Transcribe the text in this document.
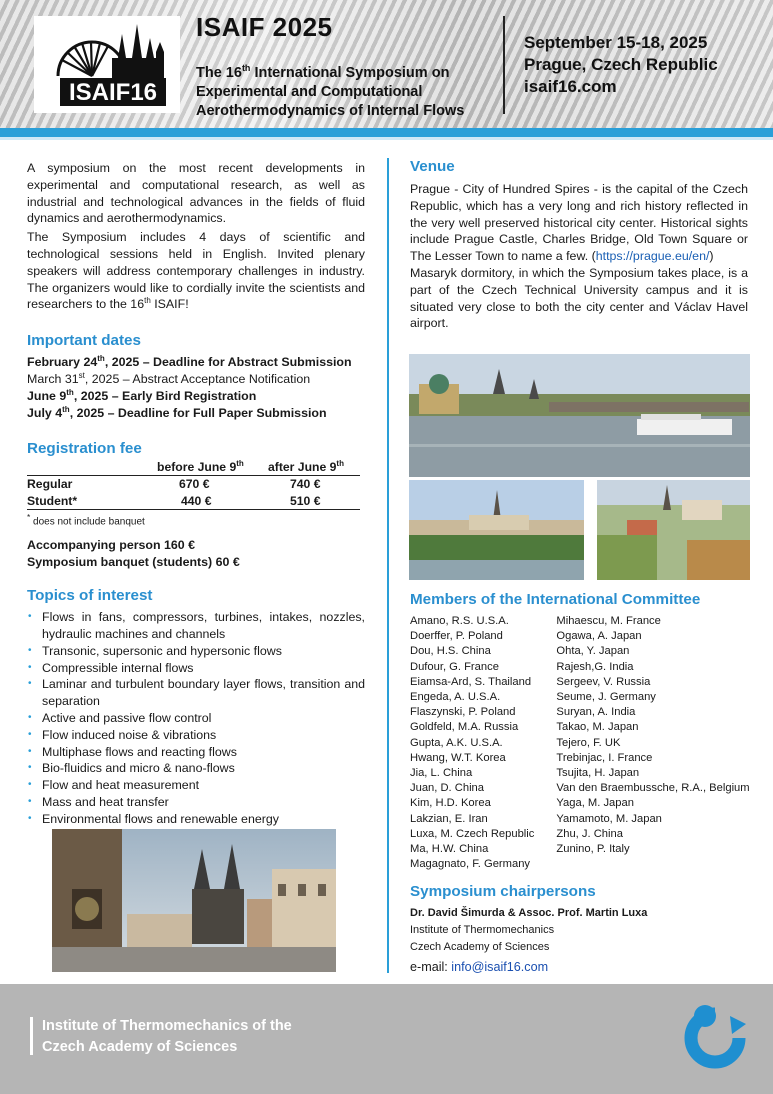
ISAIF16
ISAIF 2025
The 16th International Symposium on
Experimental and Computational
Aerothermodynamics of Internal Flows
September 15-18, 2025
Prague, Czech Republic
isaif16.com

A symposium on the most recent developments in experimental and computational research, as well as industrial and technological advances in the fields of fluid dynamics and aerothermodynamics.

The Symposium includes 4 days of scientific and technological sessions held in English. Invited plenary speakers will address contemporary challenges in industry. The organizers would like to cordially invite the scientists and researchers to the 16th ISAIF!

Important dates
February 24th, 2025 – Deadline for Abstract Submission
March 31st, 2025 – Abstract Acceptance Notification
June 9th, 2025 – Early Bird Registration
July 4th, 2025 – Deadline for Full Paper Submission
Registration fee
	before June 9th	after June 9th
Regular	670 €	740 €
Student*	440 €	510 €
* does not include banquet
Accompanying person 160 €
Symposium banquet (students) 60 €
Topics of interest
• Flows in fans, compressors, turbines, intakes, nozzles, hydraulic machines and channels
• Transonic, supersonic and hypersonic flows
• Compressible internal flows
• Laminar and turbulent boundary layer flows, transition and separation
• Active and passive flow control
• Flow induced noise & vibrations
• Multiphase flows and reacting flows
• Bio-fluidics and micro & nano-flows
• Flow and heat measurement
• Mass and heat transfer
• Environmental flows and renewable energy
Venue

Prague - City of Hundred Spires - is the capital of the Czech Republic, which has a very long and rich history reflected in the very well preserved historical city center. Historical sights include Prague Castle, Charles Bridge, Old Town Square or The Lesser Town to name a few. (https://prague.eu/en/)

Masaryk dormitory, in which the Symposium takes place, is a part of the Czech Technical University campus and it is situated very close to both the city center and Václav Havel airport.

Members of the International Committee
Amano, R.S. U.S.A.
Doerffer, P. Poland
Dou, H.S. China
Dufour, G. France
Eiamsa-Ard, S. Thailand
Engeda, A. U.S.A.
Flaszynski, P. Poland
Goldfeld, M.A. Russia
Gupta, A.K. U.S.A.
Hwang, W.T. Korea
Jia, L. China
Juan, D. China
Kim, H.D. Korea
Lakzian, E. Iran
Luxa, M. Czech Republic
Ma, H.W. China
Magagnato, F. Germany
Mihaescu, M. France
Ogawa, A. Japan
Ohta, Y. Japan
Rajesh,G. India
Sergeev, V. Russia
Seume, J. Germany
Suryan, A. India
Takao, M. Japan
Tejero, F. UK
Trebinjac, I. France
Tsujita, H. Japan
Van den Braembussche, R.A., Belgium
Yaga, M. Japan
Yamamoto, M. Japan
Zhu, J. China
Zunino, P. Italy
Symposium chairpersons
Dr. David Šimurda & Assoc. Prof. Martin Luxa
Institute of Thermomechanics
Czech Academy of Sciences
e-mail: info@isaif16.com
Institute of Thermomechanics of the
Czech Academy of Sciences
